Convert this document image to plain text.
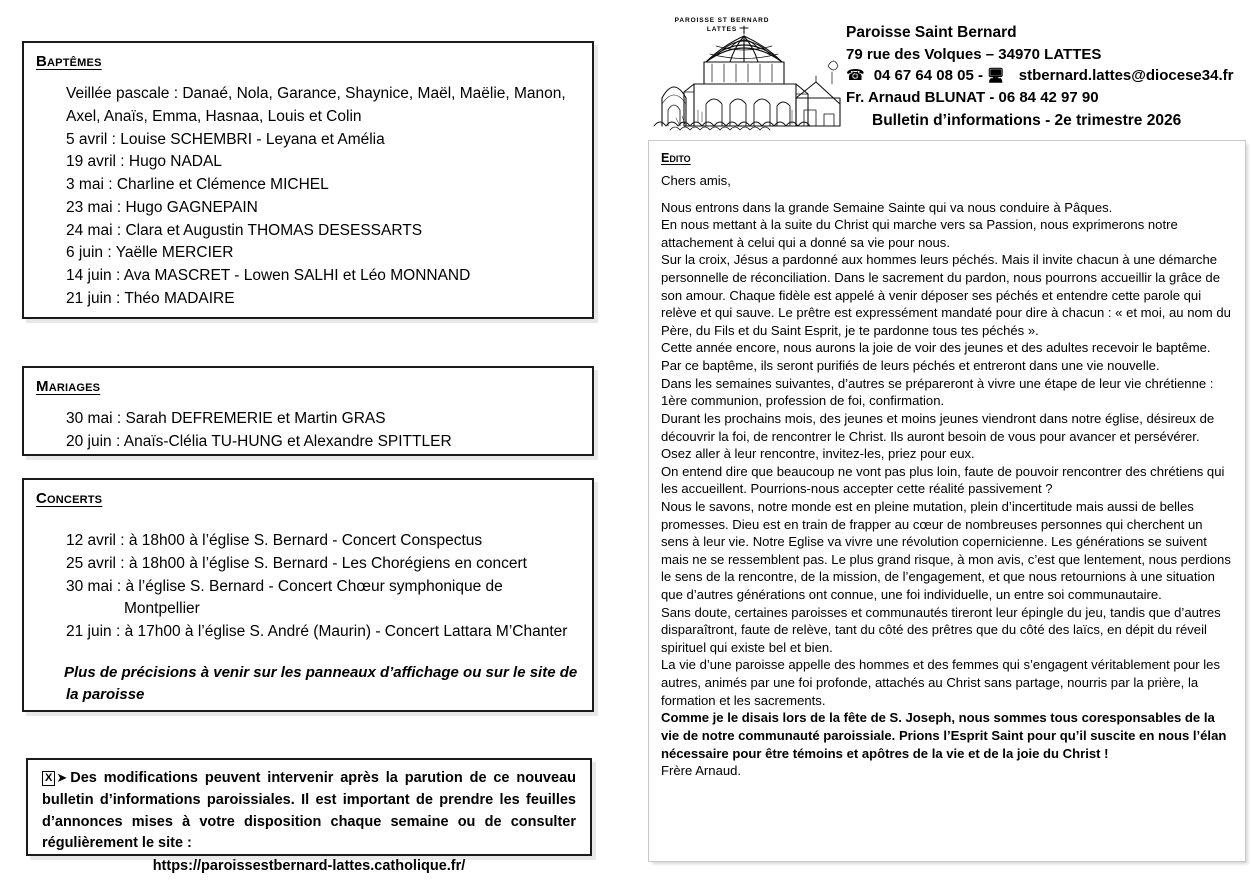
Baptêmes

Veillée pascale : Danaé, Nola, Garance, Shaynice, Maël, Maëlie, Manon, Axel, Anaïs, Emma, Hasnaa, Louis et Colin

5 avril : Louise SCHEMBRI - Leyana et Amélia

19 avril : Hugo NADAL

3 mai : Charline et Clémence MICHEL

23 mai : Hugo GAGNEPAIN

24 mai : Clara et Augustin THOMAS DESESSARTS

6 juin : Yaëlle MERCIER

14 juin : Ava MASCRET - Lowen SALHI et Léo MONNAND

21 juin : Théo MADAIRE

Mariages

30 mai : Sarah DEFREMERIE et Martin GRAS

20 juin : Anaïs-Clélia TU-HUNG et Alexandre SPITTLER

Concerts

12 avril : à 18h00 à l’église S. Bernard - Concert Conspectus

25 avril : à 18h00 à l’église S. Bernard - Les Chorégiens en concert

30 mai : à l’église S. Bernard - Concert Chœur symphonique de

Montpellier

21 juin : à 17h00 à l’église S. André (Maurin) - Concert Lattara M’Chanter

Plus de précisions à venir sur les panneaux d’affichage ou sur le site de la paroisse

X ➤ Des modifications peuvent intervenir après la parution de ce nouveau bulletin d’informations paroissiales. Il est important de prendre les feuilles d’annonces mises à votre disposition chaque semaine ou de consulter régulièrement le site :
https://paroissestbernard-lattes.catholique.fr/

PAROISSE ST BERNARD
LATTES	Paroisse Saint Bernard
79 rue des Volques – 34970 LATTES
☎ 04 67 64 08 05 - 🖥 stbernard.lattes@diocese34.fr
Fr. Arnaud BLUNAT - 06 84 42 97 90
Bulletin d’informations - 2e trimestre 2026
Edito

Chers amis,

Nous entrons dans la grande Semaine Sainte qui va nous conduire à Pâques.

En nous mettant à la suite du Christ qui marche vers sa Passion, nous exprimerons notre attachement à celui qui a donné sa vie pour nous.

Sur la croix, Jésus a pardonné aux hommes leurs péchés. Mais il invite chacun à une démarche personnelle de réconciliation. Dans le sacrement du pardon, nous pourrons accueillir la grâce de son amour. Chaque fidèle est appelé à venir déposer ses péchés et entendre cette parole qui relève et qui sauve. Le prêtre est expressément mandaté pour dire à chacun : « et moi, au nom du Père, du Fils et du Saint Esprit, je te pardonne tous tes péchés ».

Cette année encore, nous aurons la joie de voir des jeunes et des adultes recevoir le baptême. Par ce baptême, ils seront purifiés de leurs péchés et entreront dans une vie nouvelle.

Dans les semaines suivantes, d’autres se prépareront à vivre une étape de leur vie chrétienne : 1ère communion, profession de foi, confirmation.

Durant les prochains mois, des jeunes et moins jeunes viendront dans notre église, désireux de découvrir la foi, de rencontrer le Christ. Ils auront besoin de vous pour avancer et persévérer. Osez aller à leur rencontre, invitez-les, priez pour eux.

On entend dire que beaucoup ne vont pas plus loin, faute de pouvoir rencontrer des chrétiens qui les accueillent. Pourrions-nous accepter cette réalité passivement ?

Nous le savons, notre monde est en pleine mutation, plein d’incertitude mais aussi de belles promesses. Dieu est en train de frapper au cœur de nombreuses personnes qui cherchent un sens à leur vie. Notre Eglise va vivre une révolution copernicienne. Les générations se suivent mais ne se ressemblent pas. Le plus grand risque, à mon avis, c’est que lentement, nous perdions le sens de la rencontre, de la mission, de l’engagement, et que nous retournions à une situation que d’autres générations ont connue, une foi individuelle, un entre soi communautaire.

Sans doute, certaines paroisses et communautés tireront leur épingle du jeu, tandis que d’autres disparaîtront, faute de relève, tant du côté des prêtres que du côté des laïcs, en dépit du réveil spirituel qui existe bel et bien.

La vie d’une paroisse appelle des hommes et des femmes qui s’engagent véritablement pour les autres, animés par une foi profonde, attachés au Christ sans partage, nourris par la prière, la formation et les sacrements.

Comme je le disais lors de la fête de S. Joseph, nous sommes tous coresponsables de la vie de notre communauté paroissiale. Prions l’Esprit Saint pour qu’il suscite en nous l’élan nécessaire pour être témoins et apôtres de la vie et de la joie du Christ !

Frère Arnaud.
